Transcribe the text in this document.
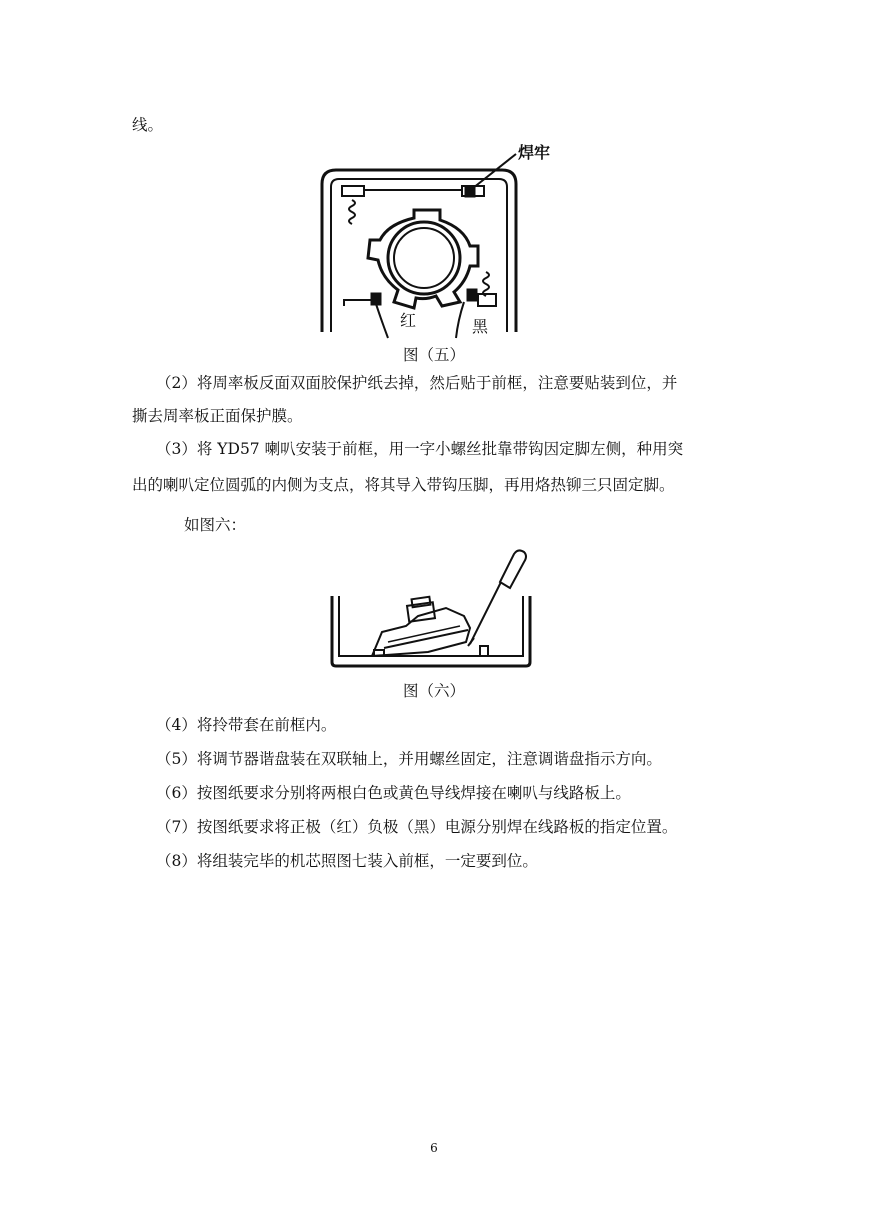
线。
焊牢
红	黑
图（五）
（2）将周率板反面双面胶保护纸去掉，然后贴于前框，注意要贴装到位，并
撕去周率板正面保护膜。
（3）将 YD57 喇叭安装于前框，用一字小螺丝批靠带钩因定脚左侧，种用突
出的喇叭定位圆弧的内侧为支点，将其导入带钩压脚，再用烙热铆三只固定脚。
如图六：
图（六）
（4）将拎带套在前框内。
（5）将调节器谐盘装在双联轴上，并用螺丝固定，注意调谐盘指示方向。
（6）按图纸要求分别将两根白色或黄色导线焊接在喇叭与线路板上。
（7）按图纸要求将正极（红）负极（黑）电源分别焊在线路板的指定位置。
（8）将组装完毕的机芯照图七装入前框，一定要到位。
6
